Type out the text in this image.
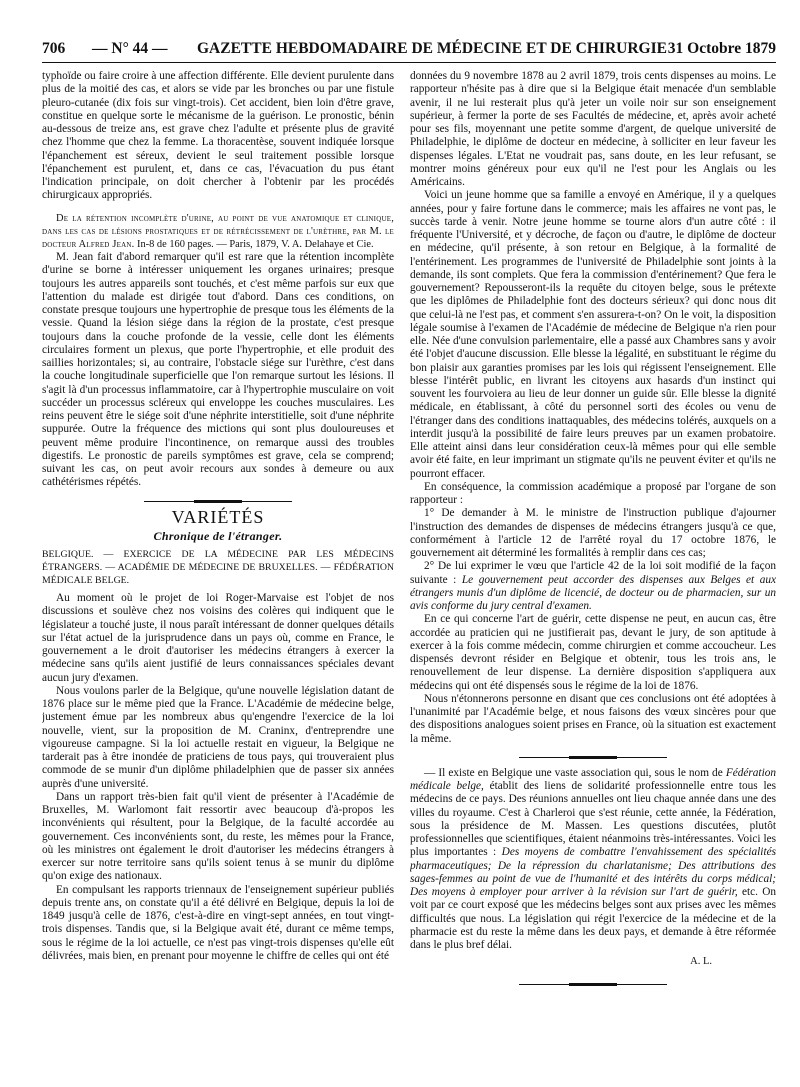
706 — N° 44 — GAZETTE HEBDOMADAIRE DE MÉDECINE ET DE CHIRURGIE 31 Octobre 1879

typhoïde ou faire croire à une affection différente. Elle devient purulente dans plus de la moitié des cas, et alors se vide par les bronches ou par une fistule pleuro-cutanée (dix fois sur vingt-trois). Cet accident, bien loin d'être grave, constitue en quelque sorte le mécanisme de la guérison. Le pronostic, bénin au-dessous de treize ans, est grave chez l'adulte et présente plus de gravité chez l'homme que chez la femme. La thoracentèse, souvent indiquée lorsque l'épanchement est séreux, devient le seul traitement possible lorsque l'épanchement est purulent, et, dans ce cas, l'évacuation du pus étant l'indication principale, on doit chercher à l'obtenir par les procédés chirurgicaux appropriés.

De la rétention incomplète d'urine, au point de vue anatomique et clinique, dans les cas de lésions prostatiques et de rétrécissement de l'urèthre, par M. le docteur Alfred Jean. In-8 de 160 pages. — Paris, 1879, V. A. Delahaye et Cie.

M. Jean fait d'abord remarquer qu'il est rare que la rétention incomplète d'urine se borne à intéresser uniquement les organes urinaires; presque toujours les autres appareils sont touchés, et c'est même parfois sur eux que l'attention du malade est dirigée tout d'abord. Dans ces conditions, on constate presque toujours une hypertrophie de presque tous les éléments de la vessie. Quand la lésion siége dans la région de la prostate, c'est presque toujours dans la couche profonde de la vessie, celle dont les éléments circulaires forment un plexus, que porte l'hypertrophie, et elle produit des saillies horizontales; si, au contraire, l'obstacle siége sur l'urèthre, c'est dans la couche longitudinale superficielle que l'on remarque surtout les lésions. Il s'agit là d'un processus inflammatoire, car à l'hypertrophie musculaire on voit succéder un processus scléreux qui enveloppe les couches musculaires. Les reins peuvent être le siége soit d'une néphrite interstitielle, soit d'une néphrite suppurée. Outre la fréquence des mictions qui sont plus douloureuses et peuvent même produire l'incontinence, on remarque aussi des troubles digestifs. Le pronostic de pareils symptômes est grave, cela se comprend; suivant les cas, on peut avoir recours aux sondes à demeure ou aux cathétérismes répétés.

VARIÉTÉS
Chronique de l'étranger.

BELGIQUE. — EXERCICE DE LA MÉDECINE PAR LES MÉDECINS ÉTRANGERS. — ACADÉMIE DE MÉDECINE DE BRUXELLES. — FÉDÉRATION MÉDICALE BELGE.

Au moment où le projet de loi Roger-Marvaise est l'objet de nos discussions et soulève chez nos voisins des colères qui indiquent que le législateur a touché juste, il nous paraît intéressant de donner quelques détails sur l'état actuel de la jurisprudence dans un pays où, comme en France, le gouvernement a le droit d'autoriser les médecins étrangers à exercer la médecine sans qu'ils aient justifié de leurs connaissances spéciales devant aucun jury d'examen.

Nous voulons parler de la Belgique, qu'une nouvelle législation datant de 1876 place sur le même pied que la France. L'Académie de médecine belge, justement émue par les nombreux abus qu'engendre l'exercice de la loi nouvelle, vient, sur la proposition de M. Craninx, d'entreprendre une vigoureuse campagne. Si la loi actuelle restait en vigueur, la Belgique ne tarderait pas à être inondée de praticiens de tous pays, qui trouveraient plus commode de se munir d'un diplôme philadelphien que de passer six années auprès d'une université.

Dans un rapport très-bien fait qu'il vient de présenter à l'Académie de Bruxelles, M. Warlomont fait ressortir avec beaucoup d'à-propos les inconvénients qui résultent, pour la Belgique, de la faculté accordée au gouvernement. Ces inconvénients sont, du reste, les mêmes pour la France, où les ministres ont également le droit d'autoriser les médecins étrangers à exercer sur notre territoire sans qu'ils soient tenus à se munir du diplôme qu'on exige des nationaux.

En compulsant les rapports triennaux de l'enseignement supérieur publiés depuis trente ans, on constate qu'il a été délivré en Belgique, depuis la loi de 1849 jusqu'à celle de 1876, c'est-à-dire en vingt-sept années, en tout vingt-trois dispenses. Tandis que, si la Belgique avait été, durant ce même temps, sous le régime de la loi actuelle, ce n'est pas vingt-trois dispenses qu'elle eût délivrées, mais bien, en prenant pour moyenne le chiffre de celles qui ont été

données du 9 novembre 1878 au 2 avril 1879, trois cents dispenses au moins. Le rapporteur n'hésite pas à dire que si la Belgique était menacée d'un semblable avenir, il ne lui resterait plus qu'à jeter un voile noir sur son enseignement supérieur, à fermer la porte de ses Facultés de médecine, et, après avoir acheté pour ses fils, moyennant une petite somme d'argent, de quelque université de Philadelphie, le diplôme de docteur en médecine, à solliciter en leur faveur les dispenses légales. L'Etat ne voudrait pas, sans doute, en les leur refusant, se montrer moins généreux pour eux qu'il ne l'est pour les Anglais ou les Américains.

Voici un jeune homme que sa famille a envoyé en Amérique, il y a quelques années, pour y faire fortune dans le commerce; mais les affaires ne vont pas, le succès tarde à venir. Notre jeune homme se tourne alors d'un autre côté : il fréquente l'Université, et y décroche, de façon ou d'autre, le diplôme de docteur en médecine, qu'il présente, à son retour en Belgique, à la formalité de l'entérinement. Les programmes de l'université de Philadelphie sont joints à la demande, ils sont complets. Que fera la commission d'entérinement? Que fera le gouvernement? Repousseront-ils la requête du citoyen belge, sous le prétexte que les diplômes de Philadelphie font des docteurs sérieux? qui donc nous dit que celui-là ne l'est pas, et comment s'en assurera-t-on? On le voit, la disposition légale soumise à l'examen de l'Académie de médecine de Belgique n'a rien pour elle. Née d'une convulsion parlementaire, elle a passé aux Chambres sans y avoir été l'objet d'aucune discussion. Elle blesse la légalité, en substituant le régime du bon plaisir aux garanties promises par les lois qui régissent l'enseignement. Elle blesse l'intérêt public, en livrant les citoyens aux hasards d'un instinct qui souvent les fourvoiera au lieu de leur donner un guide sûr. Elle blesse la dignité médicale, en établissant, à côté du personnel sorti des écoles ou venu de l'étranger dans des conditions inattaquables, des médecins tolérés, auxquels on a interdit jusqu'à la possibilité de faire leurs preuves par un examen probatoire. Elle atteint ainsi dans leur considération ceux-là mêmes pour qui elle semble avoir été faite, en leur imprimant un stigmate qu'ils ne peuvent éviter et qu'ils ne pourront effacer.

En conséquence, la commission académique a proposé par l'organe de son rapporteur :

1° De demander à M. le ministre de l'instruction publique d'ajourner l'instruction des demandes de dispenses de médecins étrangers jusqu'à ce que, conformément à l'article 12 de l'arrêté royal du 17 octobre 1876, le gouvernement ait déterminé les formalités à remplir dans ces cas;

2° De lui exprimer le vœu que l'article 42 de la loi soit modifié de la façon suivante : Le gouvernement peut accorder des dispenses aux Belges et aux étrangers munis d'un diplôme de licencié, de docteur ou de pharmacien, sur un avis conforme du jury central d'examen.

En ce qui concerne l'art de guérir, cette dispense ne peut, en aucun cas, être accordée au praticien qui ne justifierait pas, devant le jury, de son aptitude à exercer à la fois comme médecin, comme chirurgien et comme accoucheur. Les dispensés devront résider en Belgique et obtenir, tous les trois ans, le renouvellement de leur dispense. La dernière disposition s'appliquera aux médecins qui ont été dispensés sous le régime de la loi de 1876.

Nous n'étonnerons personne en disant que ces conclusions ont été adoptées à l'unanimité par l'Académie belge, et nous faisons des vœux sincères pour que des dispositions analogues soient prises en France, où la situation est exactement la même.

— Il existe en Belgique une vaste association qui, sous le nom de Fédération médicale belge, établit des liens de solidarité professionnelle entre tous les médecins de ce pays. Des réunions annuelles ont lieu chaque année dans une des villes du royaume. C'est à Charleroi que s'est réunie, cette année, la Fédération, sous la présidence de M. Massen. Les questions discutées, plutôt professionnelles que scientifiques, étaient néanmoins très-intéressantes. Voici les plus importantes : Des moyens de combattre l'envahissement des spécialités pharmaceutiques; De la répression du charlatanisme; Des attributions des sages-femmes au point de vue de l'humanité et des intérêts du corps médical; Des moyens à employer pour arriver à la révision sur l'art de guérir, etc. On voit par ce court exposé que les médecins belges sont aux prises avec les mêmes difficultés que nous. La législation qui régit l'exercice de la médecine et de la pharmacie est du reste la même dans les deux pays, et demande à être réformée dans le plus bref délai.

A. L.
